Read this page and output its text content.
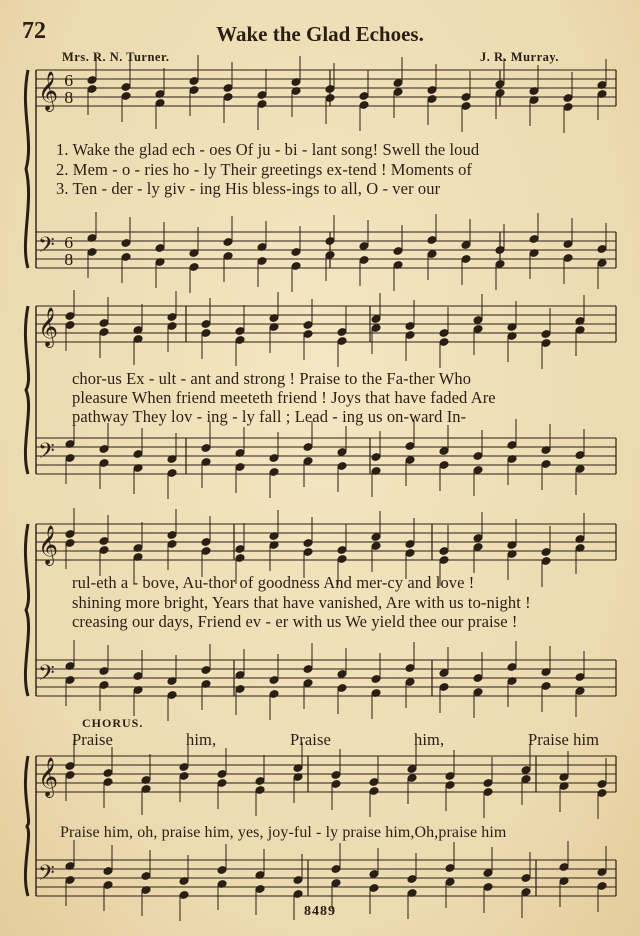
𝄞
𝄢
6
8
6
8
𝄞
𝄢
𝄞
𝄢
𝄞
𝄢
72	Wake the Glad Echoes.
Mrs. R. N. Turner.	J. R. Murray.
1. Wake the glad ech - oes Of ju - bi - lant song! Swell the loud
2. Mem - o - ries ho - ly Their greetings ex-tend ! Moments of
3. Ten - der - ly giv - ing His bless-ings to all, O - ver our
chor-us Ex - ult - ant and strong ! Praise to the Fa-ther Who
pleasure When friend meeteth friend ! Joys that have faded Are
pathway They lov - ing - ly fall ; Lead - ing us on-ward In-
rul-eth a - bove, Au-thor of goodness And mer-cy and love !
shining more bright, Years that have vanished, Are with us to-night !
creasing our days, Friend ev - er with us We yield thee our praise !
CHORUS.
Praise	him,	Praise	him,	Praise him
Praise him, oh, praise him, yes, joy-ful - ly praise him,Oh,praise him
8489
